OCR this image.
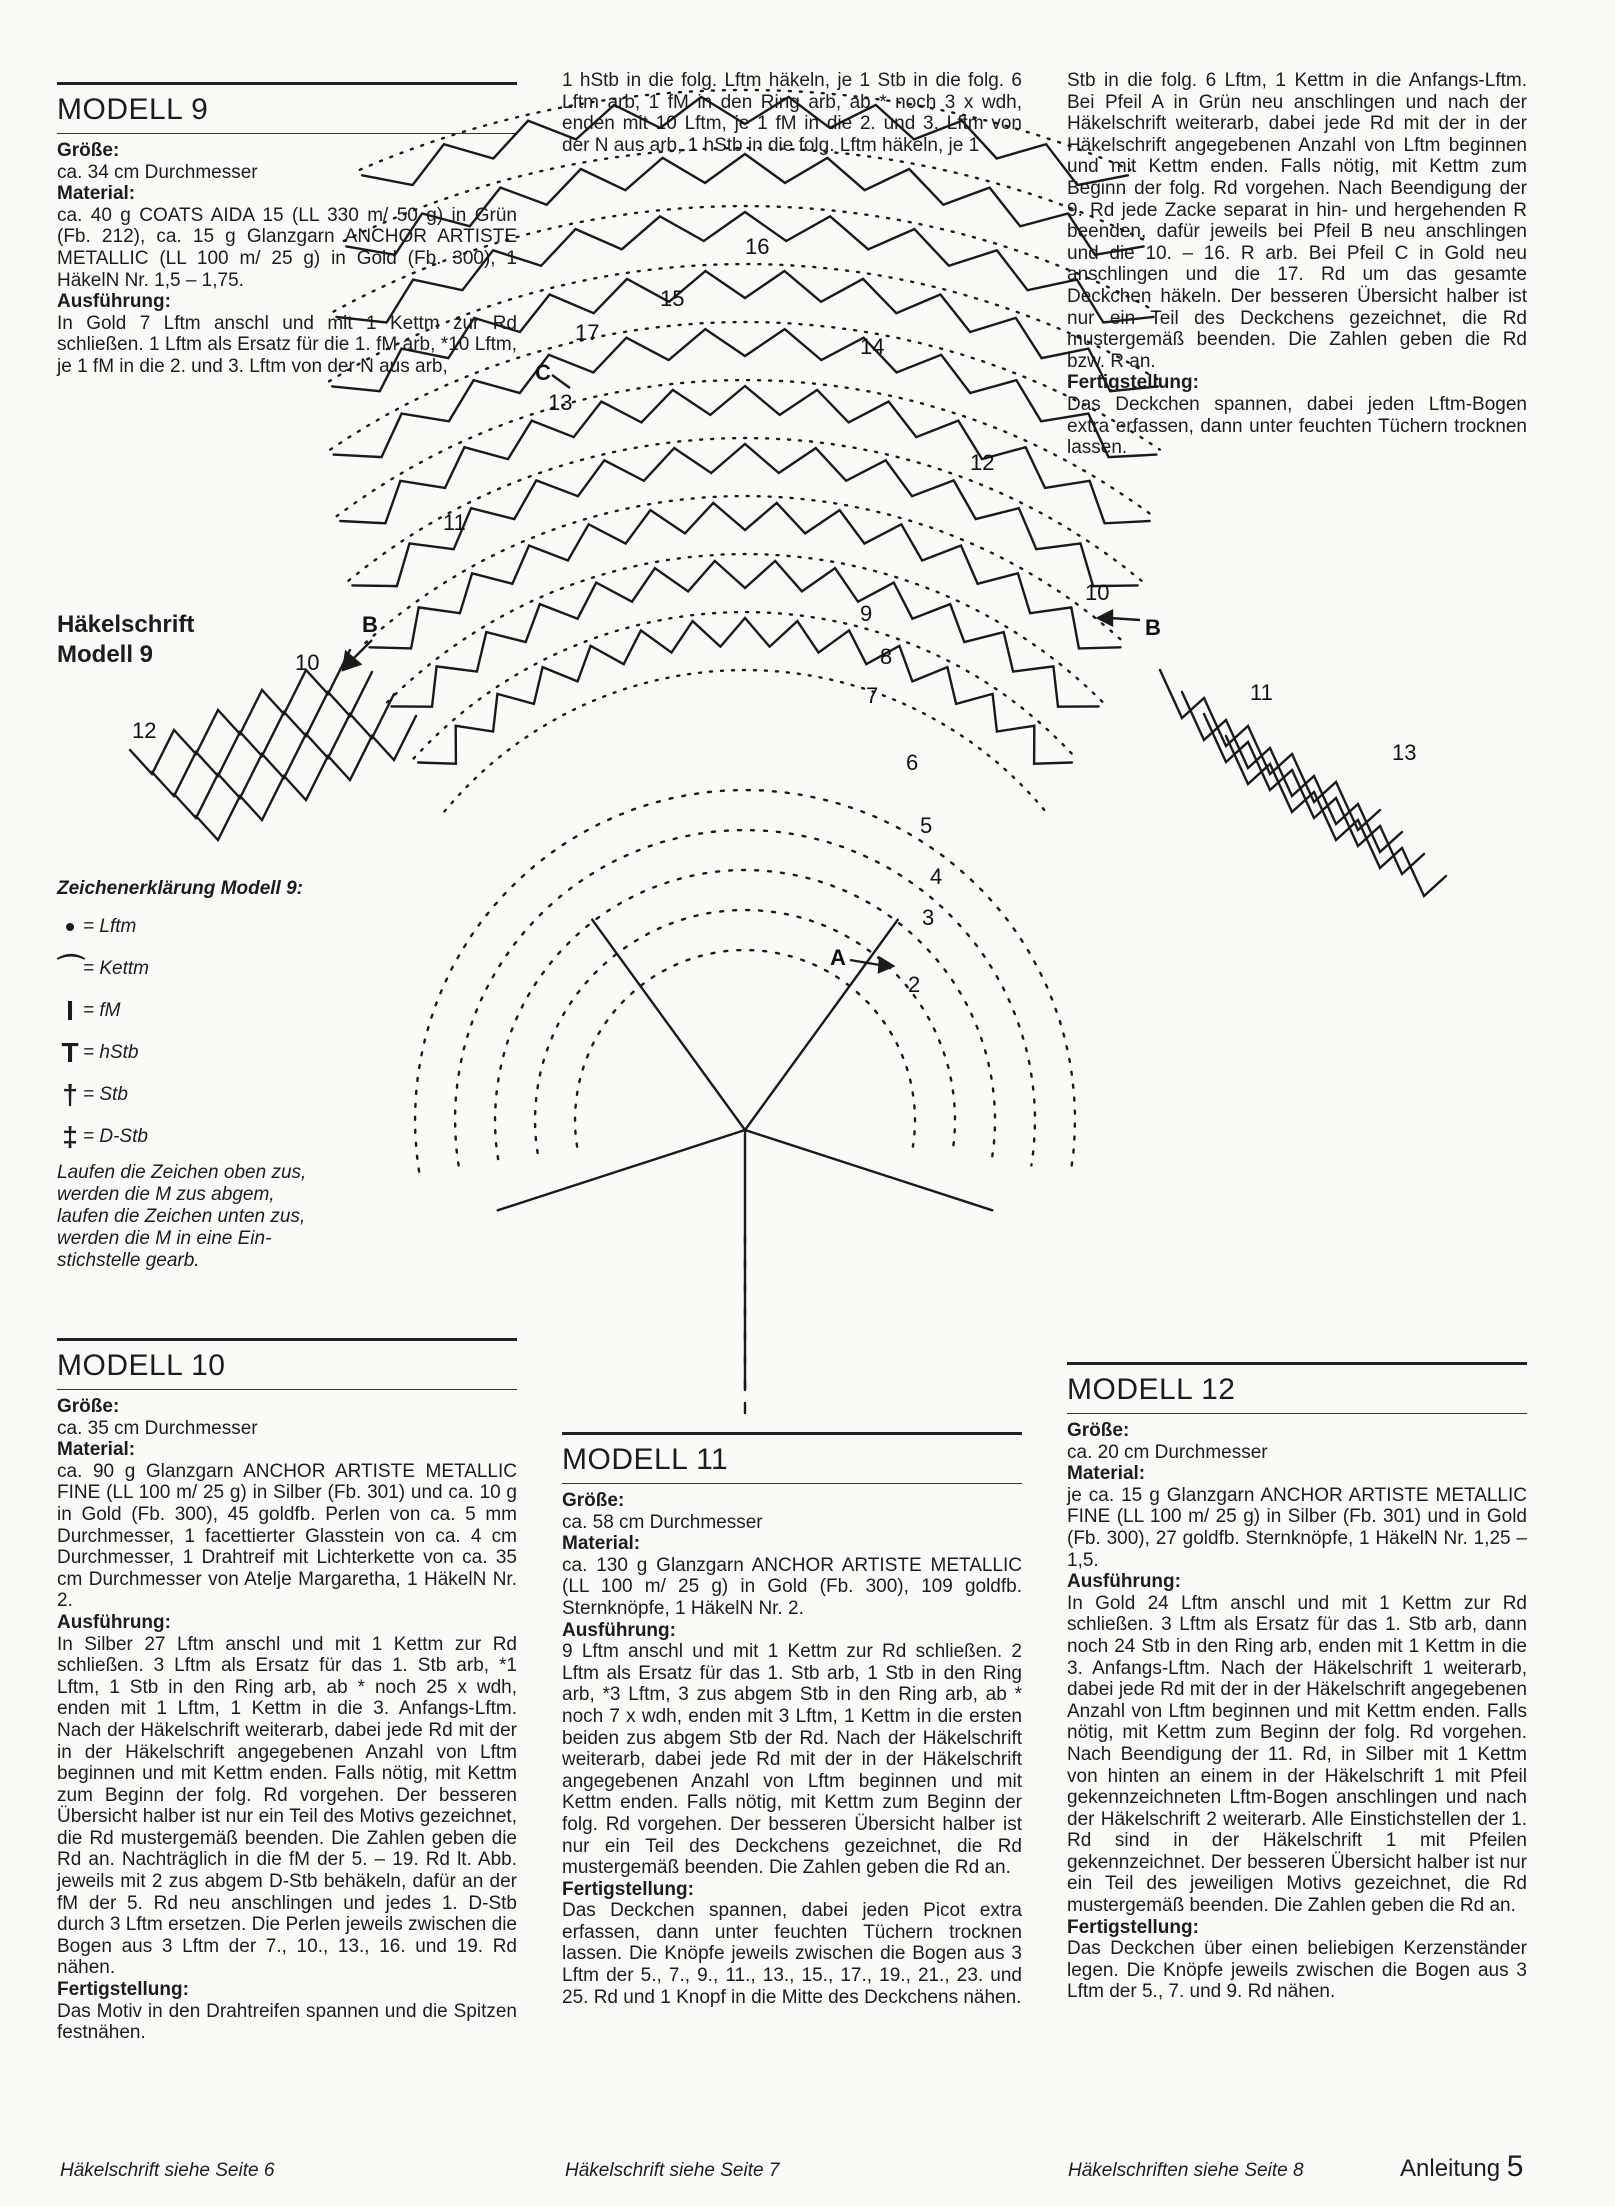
MODELL 9

Größe:

ca. 34 cm Durchmesser

Material:

ca. 40 g COATS AIDA 15 (LL 330 m/ 50 g) in Grün (Fb. 212), ca. 15 g Glanzgarn ANCHOR ARTISTE METALLIC (LL 100 m/ 25 g) in Gold (Fb. 300), 1 HäkelN Nr. 1,5 – 1,75.

Ausführung:

In Gold 7 Lftm anschl und mit 1 Kettm zur Rd schließen. 1 Lftm als Ersatz für die 1. fM arb, *10 Lftm, je 1 fM in die 2. und 3. Lftm von der N aus arb,

Häkelschrift
Modell 9
Zeichenerklärung Modell 9:
• = Lftm
⌒
= Kettm
I = fM
T = hStb
† = Stb
‡ = D-Stb

Laufen die Zeichen oben zus,

werden die M zus abgem,

laufen die Zeichen unten zus,

werden die M in eine Ein-

stichstelle gearb.

MODELL 10

Größe:

ca. 35 cm Durchmesser

Material:

ca. 90 g Glanzgarn ANCHOR ARTISTE METALLIC FINE (LL 100 m/ 25 g) in Silber (Fb. 301) und ca. 10 g in Gold (Fb. 300), 45 goldfb. Perlen von ca. 5 mm Durchmesser, 1 facettierter Glasstein von ca. 4 cm Durchmesser, 1 Drahtreif mit Lichterkette von ca. 35 cm Durchmesser von Atelje Margaretha, 1 HäkelN Nr. 2.

Ausführung:

In Silber 27 Lftm anschl und mit 1 Kettm zur Rd schließen. 3 Lftm als Ersatz für das 1. Stb arb, *1 Lftm, 1 Stb in den Ring arb, ab * noch 25 x wdh, enden mit 1 Lftm, 1 Kettm in die 3. Anfangs-Lftm. Nach der Häkelschrift weiterarb, dabei jede Rd mit der in der Häkelschrift angegebenen Anzahl von Lftm beginnen und mit Kettm enden. Falls nötig, mit Kettm zum Beginn der folg. Rd vorgehen. Der besseren Übersicht halber ist nur ein Teil des Motivs gezeichnet, die Rd mustergemäß beenden. Die Zahlen geben die Rd an. Nachträglich in die fM der 5. – 19. Rd lt. Abb. jeweils mit 2 zus abgem D-Stb behäkeln, dafür an der fM der 5. Rd neu anschlingen und jedes 1. D-Stb durch 3 Lftm ersetzen. Die Perlen jeweils zwischen die Bogen aus 3 Lftm der 7., 10., 13., 16. und 19. Rd nähen.

Fertigstellung:

Das Motiv in den Drahtreifen spannen und die Spitzen festnähen.

Häkelschrift siehe Seite 6

1 hStb in die folg. Lftm häkeln, je 1 Stb in die folg. 6 Lftm arb, 1 fM in den Ring arb, ab * noch 3 x wdh, enden mit 10 Lftm, je 1 fM in die 2. und 3. Lftm von der N aus arb, 1 hStb in die folg. Lftm häkeln, je 1

MODELL 11

Größe:

ca. 58 cm Durchmesser

Material:

ca. 130 g Glanzgarn ANCHOR ARTISTE METALLIC (LL 100 m/ 25 g) in Gold (Fb. 300), 109 goldfb. Sternknöpfe, 1 HäkelN Nr. 2.

Ausführung:

9 Lftm anschl und mit 1 Kettm zur Rd schließen. 2 Lftm als Ersatz für das 1. Stb arb, 1 Stb in den Ring arb, *3 Lftm, 3 zus abgem Stb in den Ring arb, ab * noch 7 x wdh, enden mit 3 Lftm, 1 Kettm in die ersten beiden zus abgem Stb der Rd. Nach der Häkelschrift weiterarb, dabei jede Rd mit der in der Häkelschrift angegebenen Anzahl von Lftm beginnen und mit Kettm enden. Falls nötig, mit Kettm zum Beginn der folg. Rd vorgehen. Der besseren Übersicht halber ist nur ein Teil des Deckchens gezeichnet, die Rd mustergemäß beenden. Die Zahlen geben die Rd an.

Fertigstellung:

Das Deckchen spannen, dabei jeden Picot extra erfassen, dann unter feuchten Tüchern trocknen lassen. Die Knöpfe jeweils zwischen die Bogen aus 3 Lftm der 5., 7., 9., 11., 13., 15., 17., 19., 21., 23. und 25. Rd und 1 Knopf in die Mitte des Deckchens nähen.

Häkelschrift siehe Seite 7

Stb in die folg. 6 Lftm, 1 Kettm in die Anfangs-Lftm. Bei Pfeil A in Grün neu anschlingen und nach der Häkelschrift weiterarb, dabei jede Rd mit der in der Häkelschrift angegebenen Anzahl von Lftm beginnen und mit Kettm enden. Falls nötig, mit Kettm zum Beginn der folg. Rd vorgehen. Nach Beendigung der 9. Rd jede Zacke separat in hin- und hergehenden R beenden, dafür jeweils bei Pfeil B neu anschlingen und die 10. – 16. R arb. Bei Pfeil C in Gold neu anschlingen und die 17. Rd um das gesamte Deckchen häkeln. Der besseren Übersicht halber ist nur ein Teil des Deckchens gezeichnet, die Rd mustergemäß beenden. Die Zahlen geben die Rd bzw. R an.

Fertigstellung:

Das Deckchen spannen, dabei jeden Lftm-Bogen extra erfassen, dann unter feuchten Tüchern trocknen lassen.

MODELL 12

Größe:

ca. 20 cm Durchmesser

Material:

je ca. 15 g Glanzgarn ANCHOR ARTISTE METALLIC FINE (LL 100 m/ 25 g) in Silber (Fb. 301) und in Gold (Fb. 300), 27 goldfb. Sternknöpfe, 1 HäkelN Nr. 1,25 – 1,5.

Ausführung:

In Gold 24 Lftm anschl und mit 1 Kettm zur Rd schließen. 3 Lftm als Ersatz für das 1. Stb arb, dann noch 24 Stb in den Ring arb, enden mit 1 Kettm in die 3. Anfangs-Lftm. Nach der Häkelschrift 1 weiterarb, dabei jede Rd mit der in der Häkelschrift angegebenen Anzahl von Lftm beginnen und mit Kettm enden. Falls nötig, mit Kettm zum Beginn der folg. Rd vorgehen. Nach Beendigung der 11. Rd, in Silber mit 1 Kettm von hinten an einem in der Häkelschrift 1 mit Pfeil gekennzeichneten Lftm-Bogen anschlingen und nach der Häkelschrift 2 weiterarb. Alle Einstichstellen der 1. Rd sind in der Häkelschrift 1 mit Pfeilen gekennzeichnet. Der besseren Übersicht halber ist nur ein Teil des jeweiligen Motivs gezeichnet, die Rd mustergemäß beenden. Die Zahlen geben die Rd an.

Fertigstellung:

Das Deckchen über einen beliebigen Kerzenständer legen. Die Knöpfe jeweils zwischen die Bogen aus 3 Lftm der 5., 7. und 9. Rd nähen.

Häkelschriften siehe Seite 8	Anleitung 5
2
3
4
5
6
7
8
9
10
10
11
11
12
12
13
13
14
15
16
17
A
B	B
C
